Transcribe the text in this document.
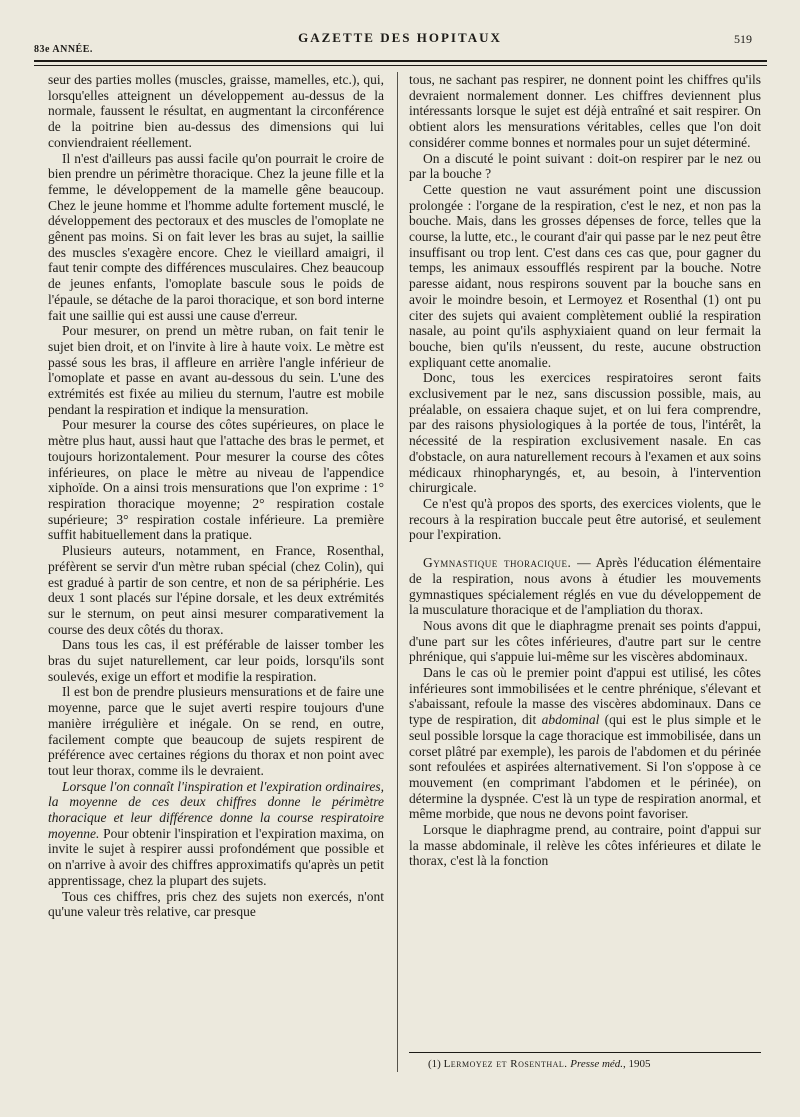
83e ANNÉE.
GAZETTE DES HOPITAUX	519

seur des parties molles (muscles, graisse, mamelles, etc.), qui, lorsqu'elles atteignent un développement au-dessus de la normale, faussent le résultat, en augmentant la circonférence de la poitrine bien au-dessus des dimensions qui lui conviendraient réellement.

Il n'est d'ailleurs pas aussi facile qu'on pourrait le croire de bien prendre un périmètre thoracique. Chez la jeune fille et la femme, le développement de la mamelle gêne beaucoup. Chez le jeune homme et l'homme adulte fortement musclé, le développement des pectoraux et des muscles de l'omoplate ne gênent pas moins. Si on fait lever les bras au sujet, la saillie des muscles s'exagère encore. Chez le vieillard amaigri, il faut tenir compte des différences musculaires. Chez beaucoup de jeunes enfants, l'omoplate bascule sous le poids de l'épaule, se détache de la paroi thoracique, et son bord interne fait une saillie qui est aussi une cause d'erreur.

Pour mesurer, on prend un mètre ruban, on fait tenir le sujet bien droit, et on l'invite à lire à haute voix. Le mètre est passé sous les bras, il affleure en arrière l'angle inférieur de l'omoplate et passe en avant au-dessous du sein. L'une des extrémités est fixée au milieu du sternum, l'autre est mobile pendant la respiration et indique la mensuration.

Pour mesurer la course des côtes supérieures, on place le mètre plus haut, aussi haut que l'attache des bras le permet, et toujours horizontalement. Pour mesurer la course des côtes inférieures, on place le mètre au niveau de l'appendice xiphoïde. On a ainsi trois mensurations que l'on exprime : 1° respiration thoracique moyenne; 2° respiration costale supérieure; 3° respiration costale inférieure. La première suffit habituellement dans la pratique.

Plusieurs auteurs, notamment, en France, Rosenthal, préfèrent se servir d'un mètre ruban spécial (chez Colin), qui est gradué à partir de son centre, et non de sa périphérie. Les deux 1 sont placés sur l'épine dorsale, et les deux extrémités sur le sternum, on peut ainsi mesurer comparativement la course des deux côtés du thorax.

Dans tous les cas, il est préférable de laisser tomber les bras du sujet naturellement, car leur poids, lorsqu'ils sont soulevés, exige un effort et modifie la respiration.

Il est bon de prendre plusieurs mensurations et de faire une moyenne, parce que le sujet averti respire toujours d'une manière irrégulière et inégale. On se rend, en outre, facilement compte que beaucoup de sujets respirent de préférence avec certaines régions du thorax et non point avec tout leur thorax, comme ils le devraient.

Lorsque l'on connaît l'inspiration et l'expiration ordinaires, la moyenne de ces deux chiffres donne le périmètre thoracique et leur différence donne la course respiratoire moyenne. Pour obtenir l'inspiration et l'expiration maxima, on invite le sujet à respirer aussi profondément que possible et on n'arrive à avoir des chiffres approximatifs qu'après un petit apprentissage, chez la plupart des sujets.

Tous ces chiffres, pris chez des sujets non exercés, n'ont qu'une valeur très relative, car presque

tous, ne sachant pas respirer, ne donnent point les chiffres qu'ils devraient normalement donner. Les chiffres deviennent plus intéressants lorsque le sujet est déjà entraîné et sait respirer. On obtient alors les mensurations véritables, celles que l'on doit considérer comme bonnes et normales pour un sujet déterminé.

On a discuté le point suivant : doit-on respirer par le nez ou par la bouche ?

Cette question ne vaut assurément point une discussion prolongée : l'organe de la respiration, c'est le nez, et non pas la bouche. Mais, dans les grosses dépenses de force, telles que la course, la lutte, etc., le courant d'air qui passe par le nez peut être insuffisant ou trop lent. C'est dans ces cas que, pour gagner du temps, les animaux essoufflés respirent par la bouche. Notre paresse aidant, nous respirons souvent par la bouche sans en avoir le moindre besoin, et Lermoyez et Rosenthal (1) ont pu citer des sujets qui avaient complètement oublié la respiration nasale, au point qu'ils asphyxiaient quand on leur fermait la bouche, bien qu'ils n'eussent, du reste, aucune obstruction expliquant cette anomalie.

Donc, tous les exercices respiratoires seront faits exclusivement par le nez, sans discussion possible, mais, au préalable, on essaiera chaque sujet, et on lui fera comprendre, par des raisons physiologiques à la portée de tous, l'intérêt, la nécessité de la respiration exclusivement nasale. En cas d'obstacle, on aura naturellement recours à l'examen et aux soins médicaux rhinopharyngés, et, au besoin, à l'intervention chirurgicale.

Ce n'est qu'à propos des sports, des exercices violents, que le recours à la respiration buccale peut être autorisé, et seulement pour l'expiration.

Gymnastique thoracique. — Après l'éducation élémentaire de la respiration, nous avons à étudier les mouvements gymnastiques spécialement réglés en vue du développement de la musculature thoracique et de l'ampliation du thorax.

Nous avons dit que le diaphragme prenait ses points d'appui, d'une part sur les côtes inférieures, d'autre part sur le centre phrénique, qui s'appuie lui-même sur les viscères abdominaux.

Dans le cas où le premier point d'appui est utilisé, les côtes inférieures sont immobilisées et le centre phrénique, s'élevant et s'abaissant, refoule la masse des viscères abdominaux. Dans ce type de respiration, dit abdominal (qui est le plus simple et le seul possible lorsque la cage thoracique est immobilisée, dans un corset plâtré par exemple), les parois de l'abdomen et du périnée sont refoulées et aspirées alternativement. Si l'on s'oppose à ce mouvement (en comprimant l'abdomen et le périnée), on détermine la dyspnée. C'est là un type de respiration anormal, et même morbide, que nous ne devons point favoriser.

Lorsque le diaphragme prend, au contraire, point d'appui sur la masse abdominale, il relève les côtes inférieures et dilate le thorax, c'est là la fonction

(1) Lermoyez et Rosenthal. Presse méd., 1905
